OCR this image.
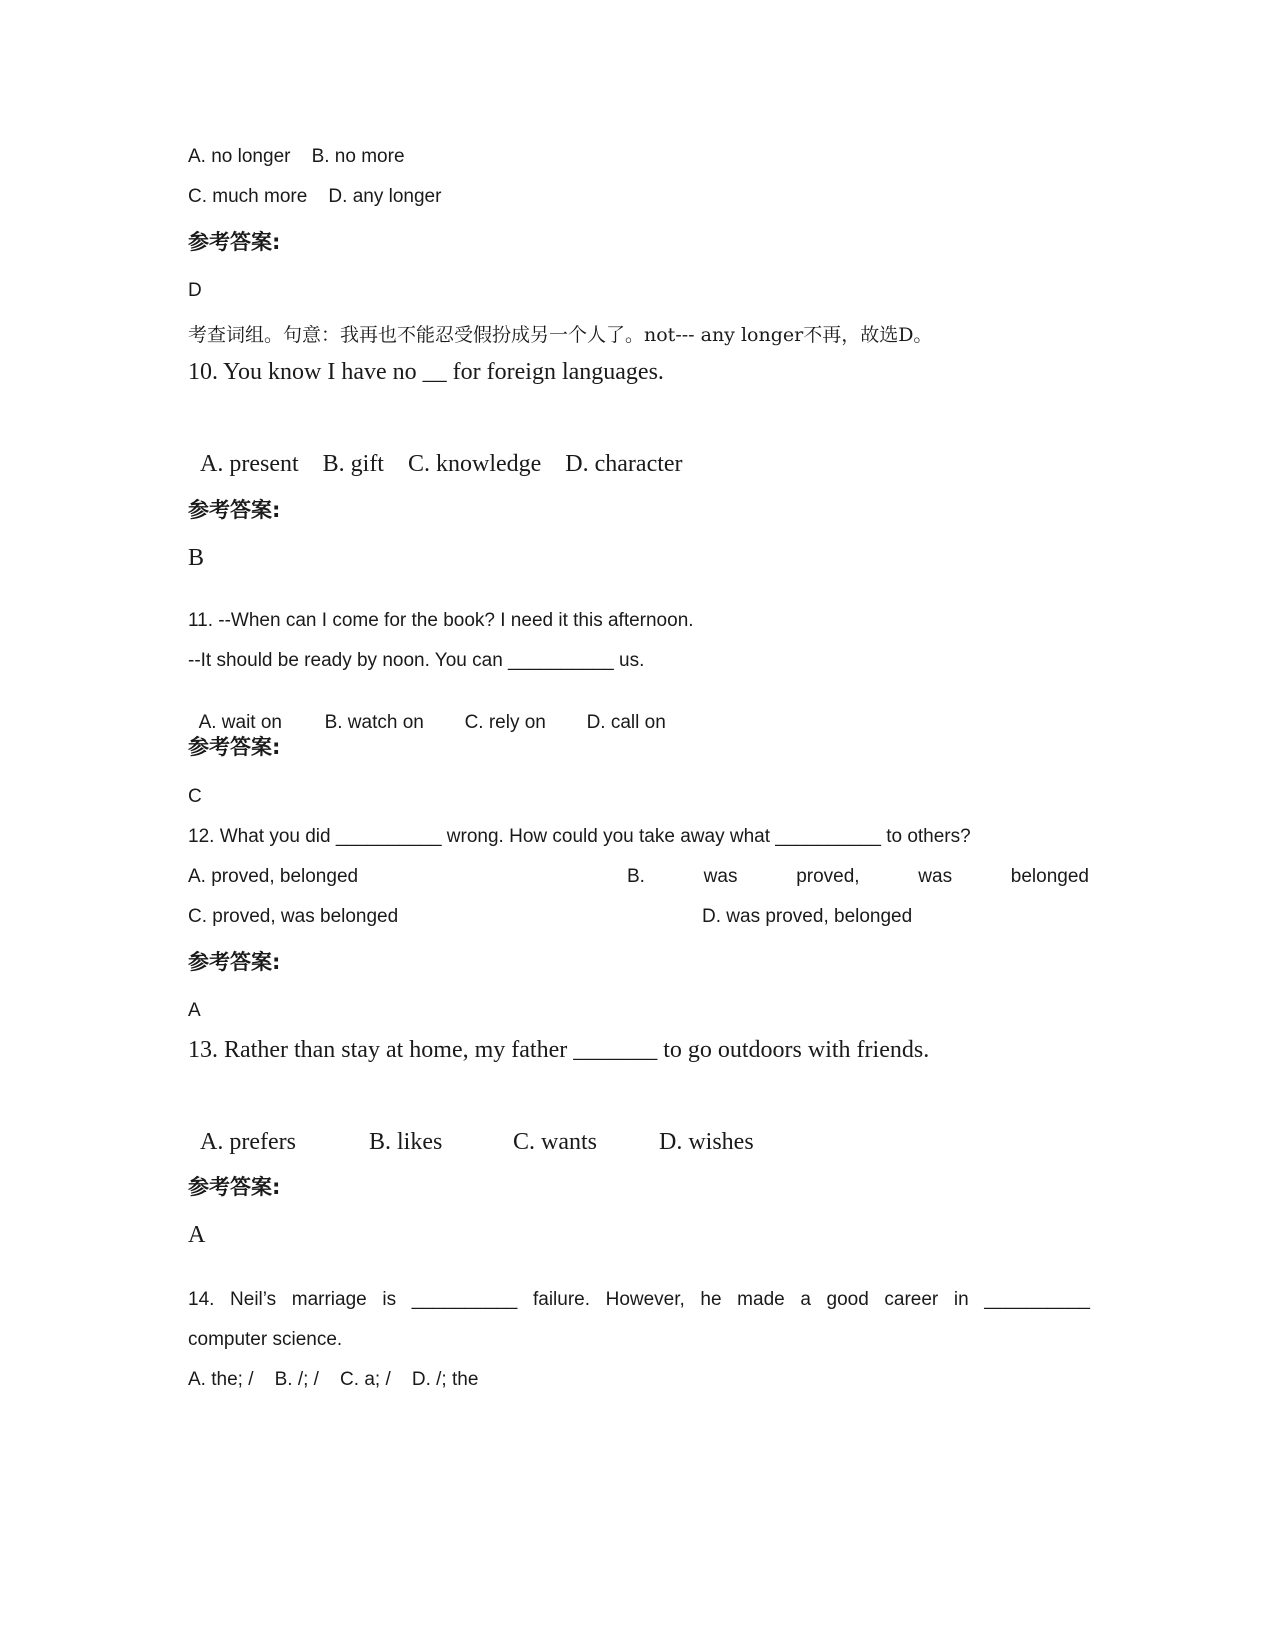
A. no longer    B. no more
C. much more    D. any longer
参考答案:
D
考查词组。句意：我再也不能忍受假扮成另一个人了。not--- any longer不再，故选D。
10. You know I have no __ for foreign languages.

A. present B. gift C. knowledge D. character

参考答案:
B
11. --When can I come for the book? I need it this afternoon.
--It should be ready by noon. You can __________ us.

A. wait on B. watch on C. rely on D. call on

参考答案:
C
12. What you did __________ wrong. How could you take away what __________ to others?
A. proved, belonged	B.	was	proved,	was	belonged
C. proved, was belonged	D. was proved, belonged
参考答案:
A
13. Rather than stay at home, my father _______ to go outdoors with friends.

A. prefers	B. likes	C. wants	D. wishes

参考答案:
A
14. Neil’s marriage is __________ failure. However, he made a good career in __________
computer science.
A. the; /    B. /; /    C. a; /    D. /; the
